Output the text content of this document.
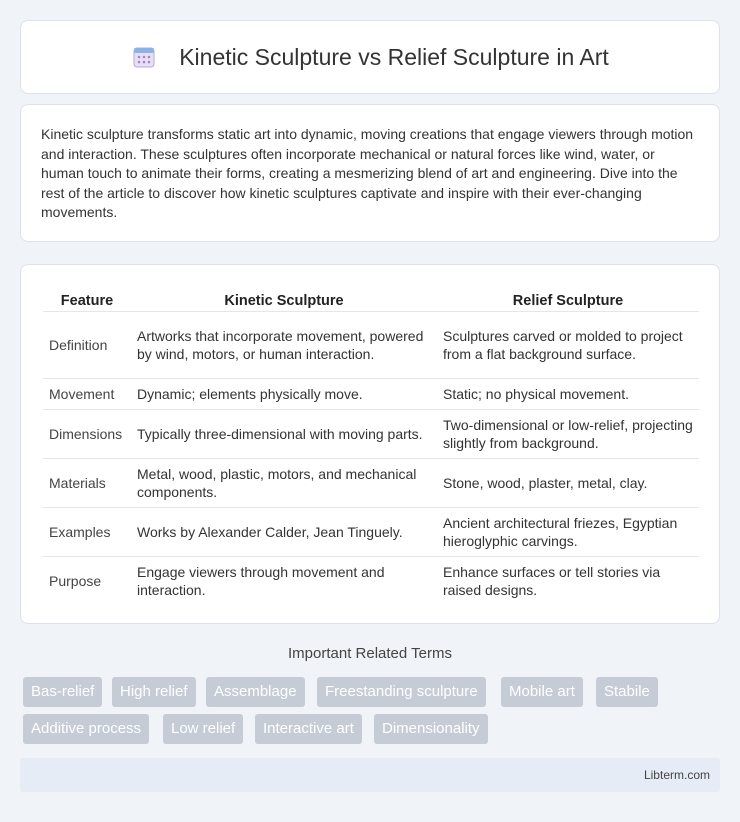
Kinetic Sculpture vs Relief Sculpture in Art

Kinetic sculpture transforms static art into dynamic, moving creations that engage viewers through motion and interaction. These sculptures often incorporate mechanical or natural forces like wind, water, or human touch to animate their forms, creating a mesmerizing blend of art and engineering. Dive into the rest of the article to discover how kinetic sculptures captivate and inspire with their ever-changing movements.

Feature	Kinetic Sculpture	Relief Sculpture
Definition	Artworks that incorporate movement, powered by wind, motors, or human interaction.	Sculptures carved or molded to project from a flat background surface.
Movement	Dynamic; elements physically move.	Static; no physical movement.
Dimensions	Typically three-dimensional with moving parts.	Two-dimensional or low-relief, projecting slightly from background.
Materials	Metal, wood, plastic, motors, and mechanical components.	Stone, wood, plaster, metal, clay.
Examples	Works by Alexander Calder, Jean Tinguely.	Ancient architectural friezes, Egyptian hieroglyphic carvings.
Purpose	Engage viewers through movement and interaction.	Enhance surfaces or tell stories via raised designs.
Important Related Terms
Bas-relief	High relief	Assemblage	Freestanding sculpture	Mobile art	Stabile
Additive process	Low relief	Interactive art	Dimensionality
Libterm.com
